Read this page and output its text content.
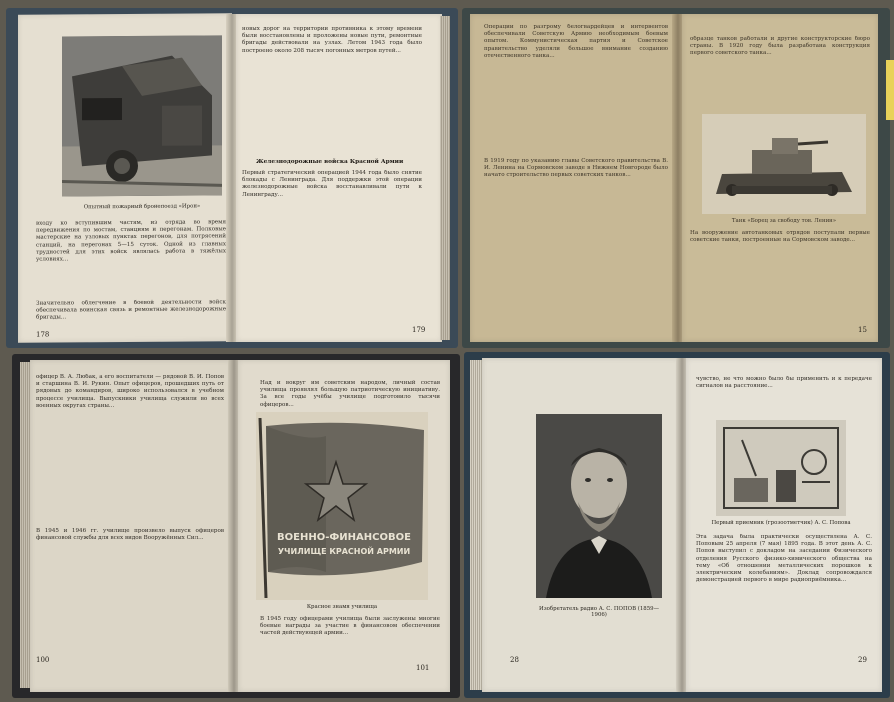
Опытный пожарный бронепоезд «Ирон»
входу ко вступившим частям, из отряда во время передвижения по мостам, станциям и перегонам. Полковые мастерские на узловых пунктах перегонов, для потрясений станций, на перегонах 5—15 суток. Одной из главных трудностей для этих войск являлась работа в тяжёлых условиях...
Значительно облегчение в боевой деятельности войск обеспечивала воинская связь и ремонтные железнодорожные бригады...
178
новых дорог на территории противника к этому времени были восстановлены и проложены новые пути, ремонтные бригады действовали на узлах. Летом 1943 года было построено около 208 тысяч погонных метров путей...
Железнодорожные войска Красной Армии
Первый стратегический операцией 1944 года было снятие блокады с Ленинграда. Для поддержки этой операции железнодорожные войска восстанавливали пути к Ленинграду...
179
Операции по разгрому белогвардейцев и интервентов обеспечивали Советскую Армию необходимым боевым опытом. Коммунистическая партия и Советское правительство уделяли большое внимание созданию отечественного танка...
В 1919 году по указанию главы Советского правительства В. И. Ленина на Сормовском заводе в Нижнем Новгороде было начато строительство первых советских танков...
образце танков работали и другие конструкторские бюро страны. В 1920 году была разработана конструкция первого советского танка...
Танк «Борец за свободу тов. Ленин»
На вооружение автотанковых отрядов поступали первые советские танки, построенные на Сормовском заводе...
15
офицер В. А. Любак, а его воспитатели — рядовой В. И. Попов и старшина В. И. Рукин. Опыт офицеров, прошедших путь от рядовых до командиров, широко использовался в учебном процессе училища. Выпускники училища служили во всех военных округах страны...
В 1945 и 1946 гг. училище произвело выпуск офицеров финансовой службы для всех видов Вооружённых Сил...
100
Над и вокруг им советским народом, личный состав училища проявлял большую патриотическую инициативу. За все годы учёбы училище подготовило тысячи офицеров...
ВОЕННО-ФИНАНСОВОЕ
УЧИЛИЩЕ КРАСНОЙ АРМИИ
Красное знамя училища
В 1945 году офицерами училища были заслужены многие боевые награды за участие в финансовом обеспечении частей действующей армии...
101
Изобретатель радио А. С. ПОПОВ (1859—1906)
28
чувство, не что можно было бы применить и к передаче сигналов на расстояние...
Первый приемник (грозоотметчик) А. С. Попова
Эта задача была практически осуществлена А. С. Поповым 25 апреля (7 мая) 1895 года. В этот день А. С. Попов выступил с докладом на заседании Физического отделения Русского физико-химического общества на тему «Об отношении металлических порошков к электрическим колебаниям». Доклад сопровождался демонстрацией первого в мире радиоприёмника...
29
